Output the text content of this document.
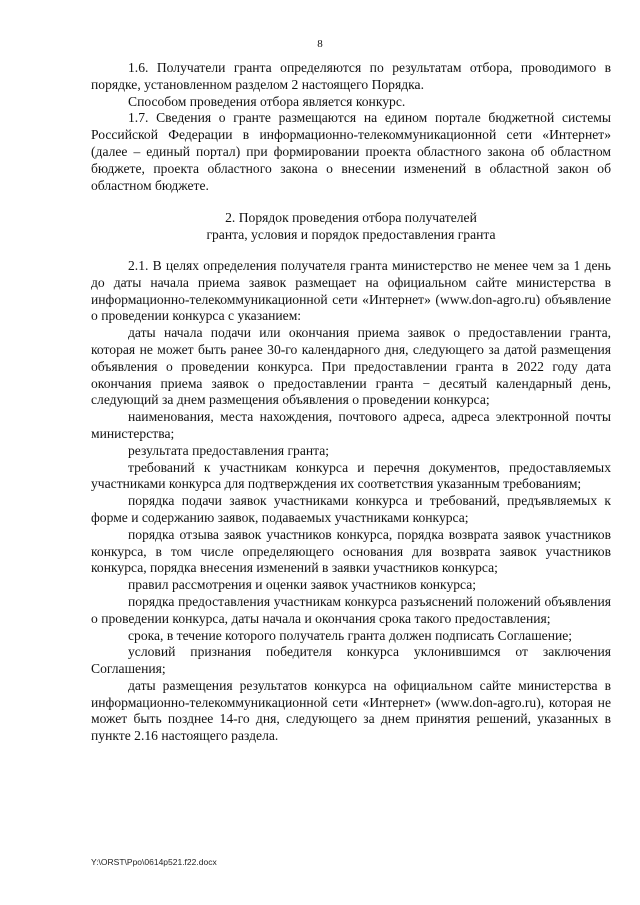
8

1.6. Получатели гранта определяются по результатам отбора, проводимого в порядке, установленном разделом 2 настоящего Порядка.

Способом проведения отбора является конкурс.

1.7. Сведения о гранте размещаются на едином портале бюджетной системы Российской Федерации в информационно-телекоммуникационной сети «Интернет» (далее – единый портал) при формировании проекта областного закона об областном бюджете, проекта областного закона о внесении изменений в областной закон об областном бюджете.

2. Порядок проведения отбора получателей
гранта, условия и порядок предоставления гранта

2.1. В целях определения получателя гранта министерство не менее чем за 1 день до даты начала приема заявок размещает на официальном сайте министерства в информационно-телекоммуникационной сети «Интернет» (www.don-agro.ru) объявление о проведении конкурса с указанием:

даты начала подачи или окончания приема заявок о предоставлении гранта, которая не может быть ранее 30-го календарного дня, следующего за датой размещения объявления о проведении конкурса. При предоставлении гранта в 2022 году дата окончания приема заявок о предоставлении гранта − десятый календарный день, следующий за днем размещения объявления о проведении конкурса;

наименования, места нахождения, почтового адреса, адреса электронной почты министерства;

результата предоставления гранта;

требований к участникам конкурса и перечня документов, предоставляемых участниками конкурса для подтверждения их соответствия указанным требованиям;

порядка подачи заявок участниками конкурса и требований, предъявляемых к форме и содержанию заявок, подаваемых участниками конкурса;

порядка отзыва заявок участников конкурса, порядка возврата заявок участников конкурса, в том числе определяющего основания для возврата заявок участников конкурса, порядка внесения изменений в заявки участников конкурса;

правил рассмотрения и оценки заявок участников конкурса;

порядка предоставления участникам конкурса разъяснений положений объявления о проведении конкурса, даты начала и окончания срока такого предоставления;

срока, в течение которого получатель гранта должен подписать Соглашение;

условий признания победителя конкурса уклонившимся от заключения Соглашения;

даты размещения результатов конкурса на официальном сайте министерства в информационно-телекоммуникационной сети «Интернет» (www.don-agro.ru), которая не может быть позднее 14-го дня, следующего за днем принятия решений, указанных в пункте 2.16 настоящего раздела.

Y:\ORST\Ppo\0614p521.f22.docx
